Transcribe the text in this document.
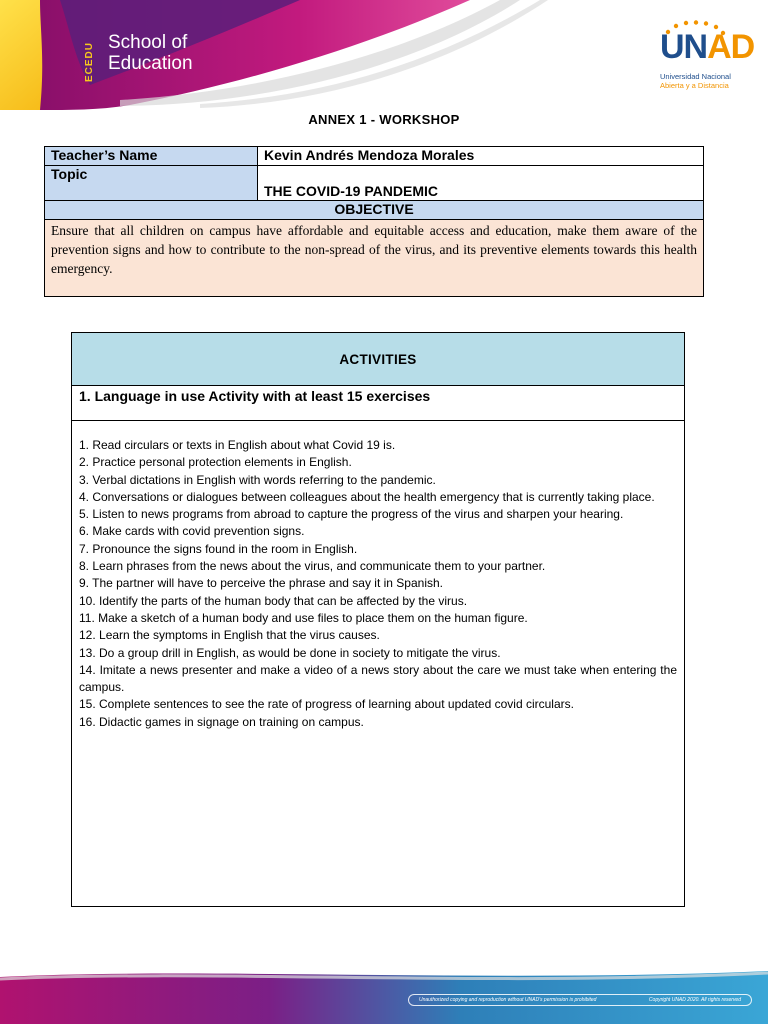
ECEDU School of
Education	UNAD
Universidad Nacional
Abierta y a Distancia
ANNEX 1 - WORKSHOP
Teacher’s Name	Kevin Andrés Mendoza Morales
Topic	THE COVID-19 PANDEMIC
OBJECTIVE	
Ensure that all children on campus have affordable and equitable access and education, make them aware of the prevention signs and how to contribute to the non-spread of the virus, and its preventive elements towards this health emergency.	
ACTIVITIES
1. Language in use Activity with at least 15 exercises
1. Read circulars or texts in English about what Covid 19 is.
2. Practice personal protection elements in English.
3. Verbal dictations in English with words referring to the pandemic.
4. Conversations or dialogues between colleagues about the health emergency that is currently taking place.
5. Listen to news programs from abroad to capture the progress of the virus and sharpen your hearing.
6. Make cards with covid prevention signs.
7. Pronounce the signs found in the room in English.
8. Learn phrases from the news about the virus, and communicate them to your partner.
9. The partner will have to perceive the phrase and say it in Spanish.
10. Identify the parts of the human body that can be affected by the virus.
11. Make a sketch of a human body and use files to place them on the human figure.
12. Learn the symptoms in English that the virus causes.
13. Do a group drill in English, as would be done in society to mitigate the virus.
14. Imitate a news presenter and make a video of a news story about the care we must take when entering the campus.
15. Complete sentences to see the rate of progress of learning about updated covid circulars.
16. Didactic games in signage on training on campus.
Unauthorized copying and reproduction without UNAD's permission is prohibited	Copyright UNAD 2020. All rights reserved
